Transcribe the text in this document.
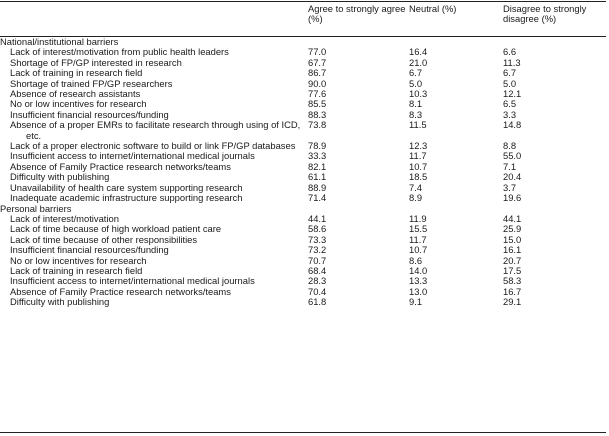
	Agree to strongly agree (%)	Neutral (%)	Disagree to strongly disagree (%)
National/institutional barriers			

Lack of interest/motivation from public health leaders	77.0	16.4	6.6

Shortage of FP/GP interested in research	67.7	21.0	11.3

Lack of training in research field	86.7	6.7	6.7

Shortage of trained FP/GP researchers	90.0	5.0	5.0

Absence of research assistants	77.6	10.3	12.1

No or low incentives for research	85.5	8.1	6.5

Insufficient financial resources/funding	88.3	8.3	3.3

Absence of a proper EMRs to facilitate research through using of ICD, etc.	73.8	11.5	14.8

Lack of a proper electronic software to build or link FP/GP databases	78.9	12.3	8.8

Insufficient access to internet/international medical journals	33.3	11.7	55.0

Absence of Family Practice research networks/teams	82.1	10.7	7.1

Difficulty with publishing	61.1	18.5	20.4

Unavailability of health care system supporting research	88.9	7.4	3.7

Inadequate academic infrastructure supporting research	71.4	8.9	19.6
Personal barriers			

Lack of interest/motivation	44.1	11.9	44.1

Lack of time because of high workload patient care	58.6	15.5	25.9

Lack of time because of other responsibilities	73.3	11.7	15.0

Insufficient financial resources/funding	73.2	10.7	16.1

No or low incentives for research	70.7	8.6	20.7

Lack of training in research field	68.4	14.0	17.5

Insufficient access to internet/international medical journals	28.3	13.3	58.3

Absence of Family Practice research networks/teams	70.4	13.0	16.7

Difficulty with publishing	61.8	9.1	29.1
